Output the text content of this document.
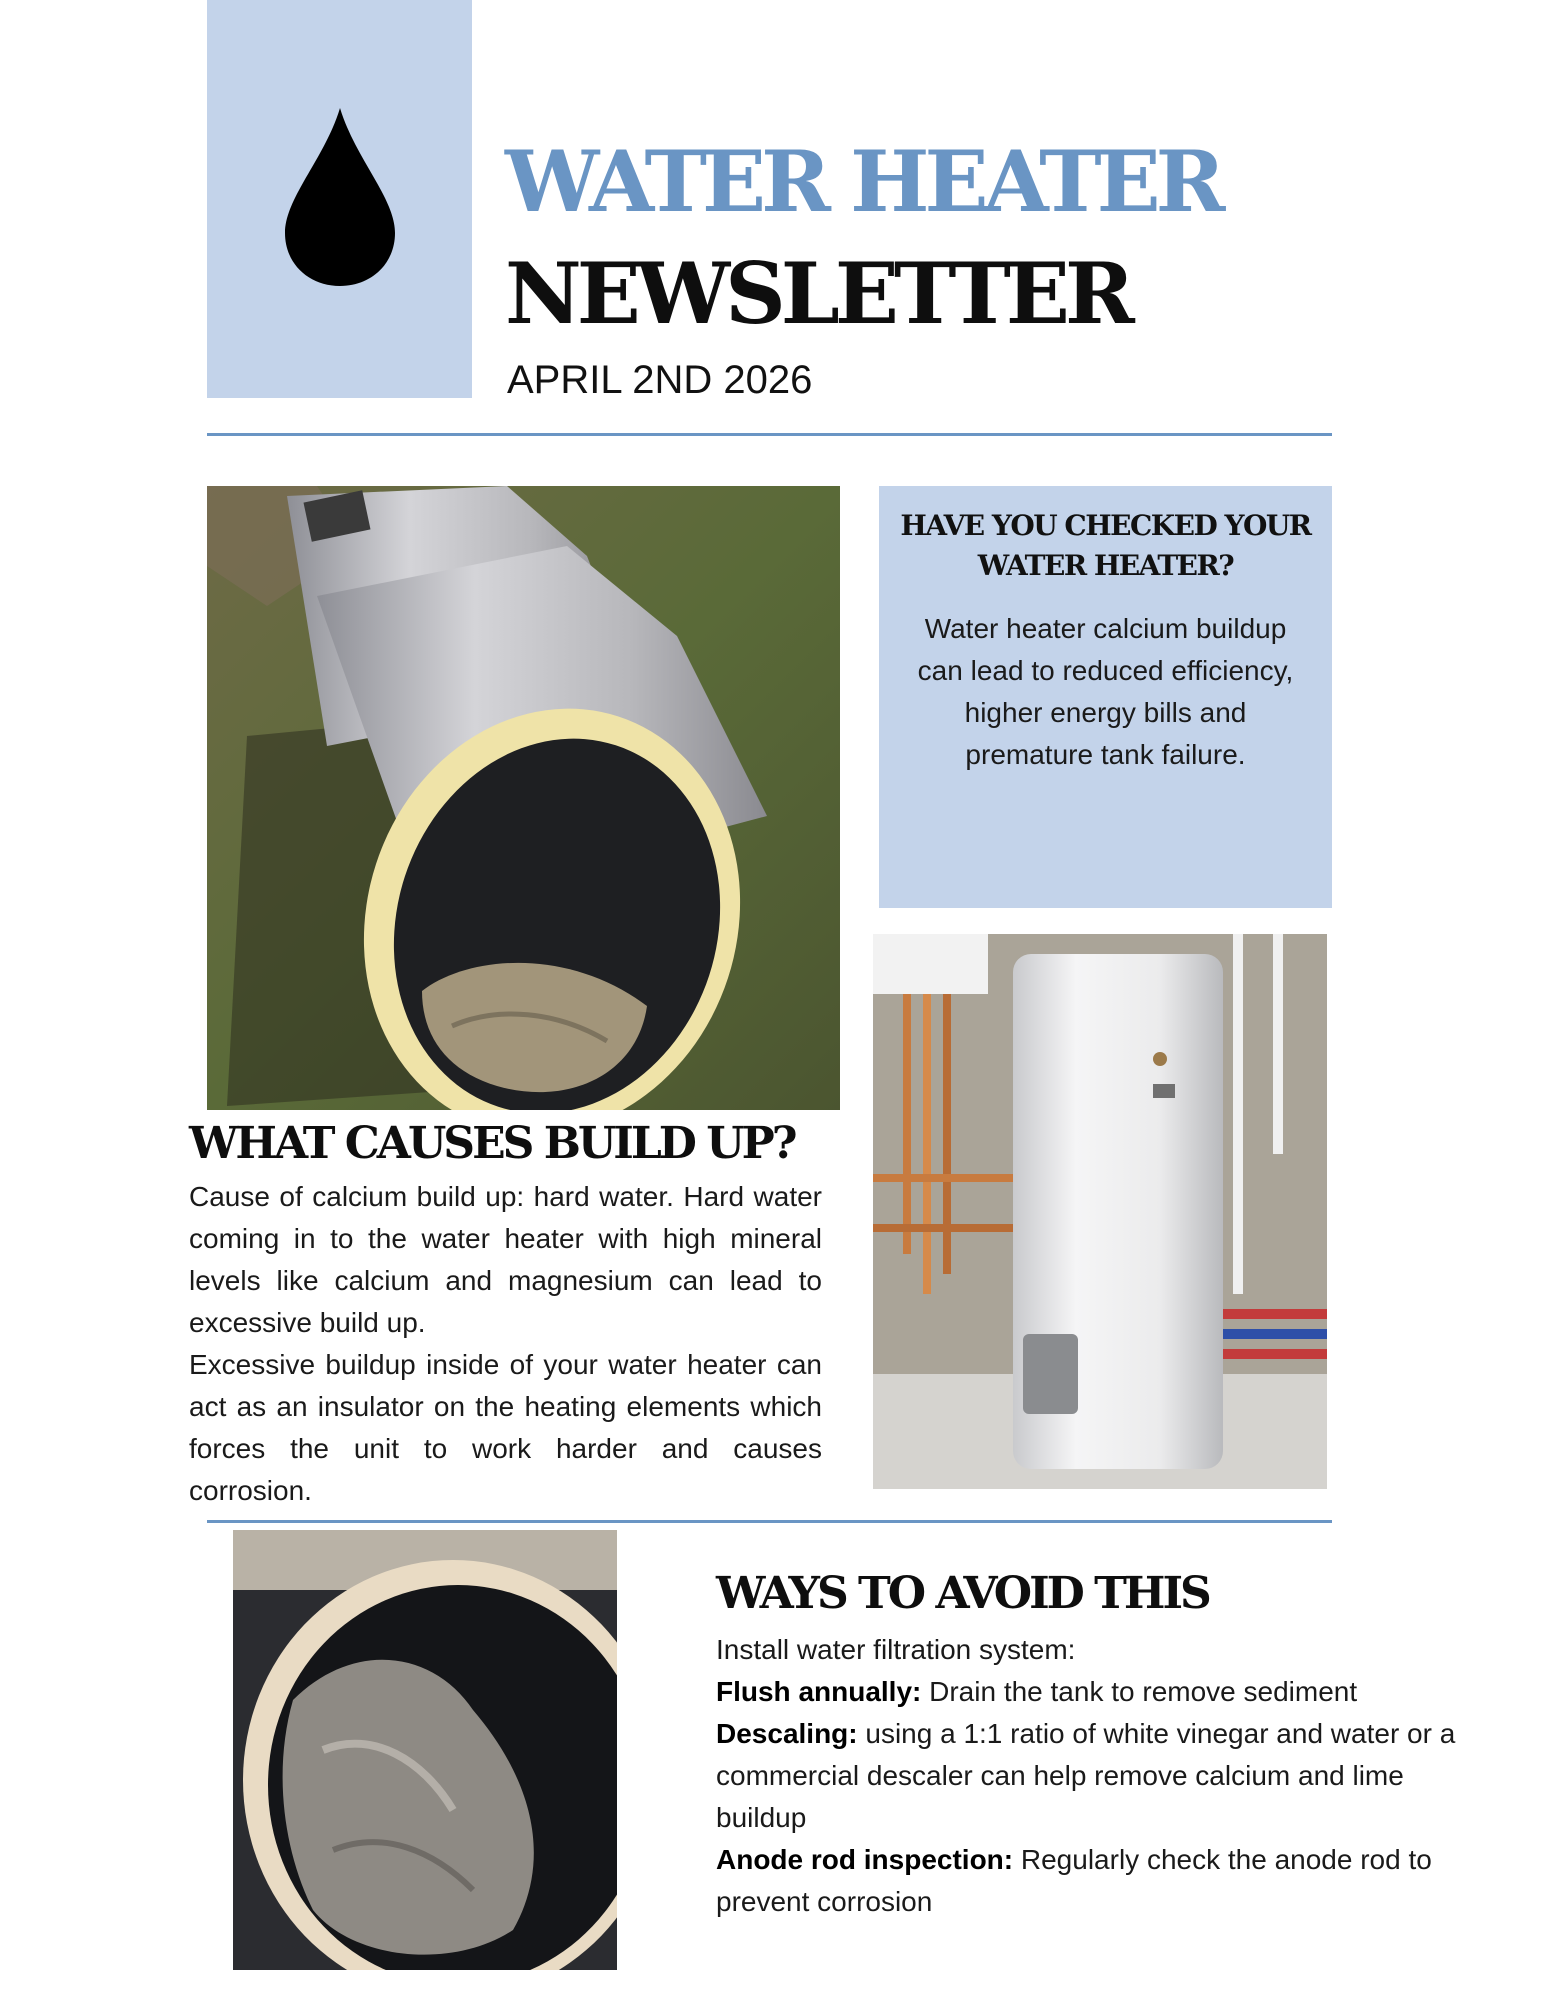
WATER HEATER
NEWSLETTER
APRIL 2ND 2026
HAVE YOU CHECKED YOUR
WATER HEATER?
Water heater calcium buildup can lead to reduced efficiency, higher energy bills and premature tank failure.
WHAT CAUSES BUILD UP?
Cause of calcium build up: hard water. Hard water coming in to the water heater with high mineral levels like calcium and magnesium can lead to excessive build up.
Excessive buildup inside of your water heater can act as an insulator on the heating elements which forces the unit to work harder and causes corrosion.
WAYS TO AVOID THIS
Install water filtration system:
Flush annually: Drain the tank to remove sediment
Descaling: using a 1:1 ratio of white vinegar and water or a commercial descaler can help remove calcium and lime buildup
Anode rod inspection: Regularly check the anode rod to prevent corrosion
